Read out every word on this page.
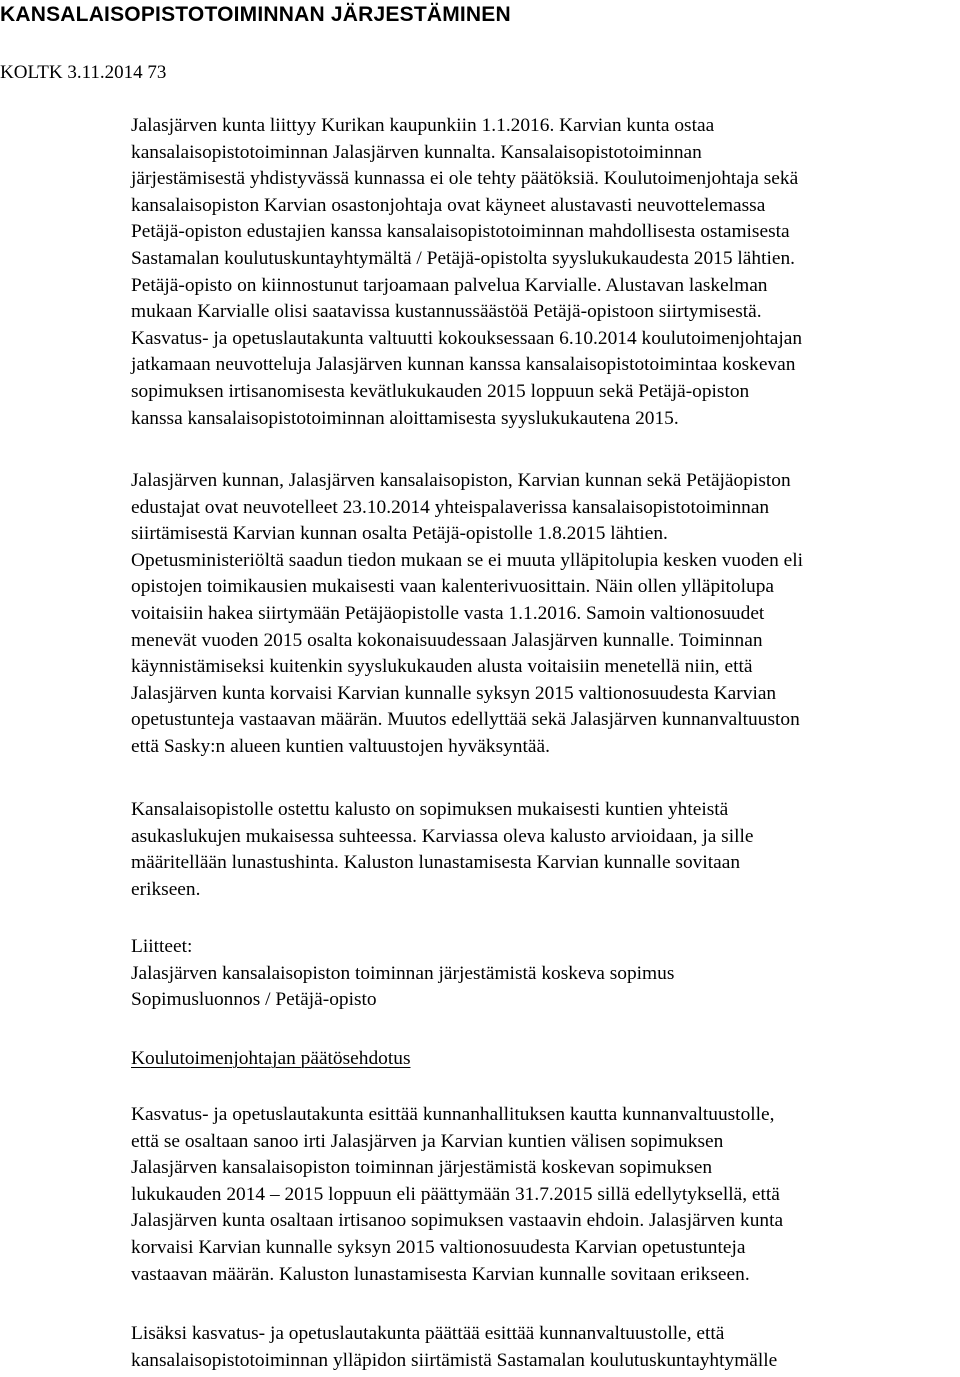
KANSALAISOPISTOTOIMINNAN JÄRJESTÄMINEN
KOLTK 3.11.2014 73
Jalasjärven kunta liittyy Kurikan kaupunkiin 1.1.2016. Karvian kunta ostaa
kansalaisopistotoiminnan Jalasjärven kunnalta. Kansalaisopistotoiminnan
järjestämisestä yhdistyvässä kunnassa ei ole tehty päätöksiä. Koulutoimenjohtaja sekä
kansalaisopiston Karvian osastonjohtaja ovat käyneet alustavasti neuvottelemassa
Petäjä-opiston edustajien kanssa kansalaisopistotoiminnan mahdollisesta ostamisesta
Sastamalan koulutuskuntayhtymältä / Petäjä-opistolta syyslukukaudesta 2015 lähtien.
Petäjä-opisto on kiinnostunut tarjoamaan palvelua Karvialle. Alustavan laskelman
mukaan Karvialle olisi saatavissa kustannussäästöä Petäjä-opistoon siirtymisestä.
Kasvatus- ja opetuslautakunta valtuutti kokouksessaan 6.10.2014 koulutoimenjohtajan
jatkamaan neuvotteluja Jalasjärven kunnan kanssa kansalaisopistotoimintaa koskevan
sopimuksen irtisanomisesta kevätlukukauden 2015 loppuun sekä Petäjä-opiston
kanssa kansalaisopistotoiminnan aloittamisesta syyslukukautena 2015.
Jalasjärven kunnan, Jalasjärven kansalaisopiston, Karvian kunnan sekä Petäjäopiston
edustajat ovat neuvotelleet 23.10.2014 yhteispalaverissa kansalaisopistotoiminnan
siirtämisestä Karvian kunnan osalta Petäjä-opistolle 1.8.2015 lähtien.
Opetusministeriöltä saadun tiedon mukaan se ei muuta ylläpitolupia kesken vuoden eli
opistojen toimikausien mukaisesti vaan kalenterivuosittain. Näin ollen ylläpitolupa
voitaisiin hakea siirtymään Petäjäopistolle vasta 1.1.2016. Samoin valtionosuudet
menevät vuoden 2015 osalta kokonaisuudessaan Jalasjärven kunnalle. Toiminnan
käynnistämiseksi kuitenkin syyslukukauden alusta voitaisiin menetellä niin, että
Jalasjärven kunta korvaisi Karvian kunnalle syksyn 2015 valtionosuudesta Karvian
opetustunteja vastaavan määrän. Muutos edellyttää sekä Jalasjärven kunnanvaltuuston
että Sasky:n alueen kuntien valtuustojen hyväksyntää.
Kansalaisopistolle ostettu kalusto on sopimuksen mukaisesti kuntien yhteistä
asukaslukujen mukaisessa suhteessa. Karviassa oleva kalusto arvioidaan, ja sille
määritellään lunastushinta. Kaluston lunastamisesta Karvian kunnalle sovitaan
erikseen.
Liitteet:
Jalasjärven kansalaisopiston toiminnan järjestämistä koskeva sopimus
Sopimusluonnos / Petäjä-opisto
Koulutoimenjohtajan päätösehdotus
Kasvatus- ja opetuslautakunta esittää kunnanhallituksen kautta kunnanvaltuustolle,
että se osaltaan sanoo irti Jalasjärven ja Karvian kuntien välisen sopimuksen
Jalasjärven kansalaisopiston toiminnan järjestämistä koskevan sopimuksen
lukukauden 2014 – 2015 loppuun eli päättymään 31.7.2015 sillä edellytyksellä, että
Jalasjärven kunta osaltaan irtisanoo sopimuksen vastaavin ehdoin. Jalasjärven kunta
korvaisi Karvian kunnalle syksyn 2015 valtionosuudesta Karvian opetustunteja
vastaavan määrän. Kaluston lunastamisesta Karvian kunnalle sovitaan erikseen.
Lisäksi kasvatus- ja opetuslautakunta päättää esittää kunnanvaltuustolle, että
kansalaisopistotoiminnan ylläpidon siirtämistä Sastamalan koulutuskuntayhtymälle
